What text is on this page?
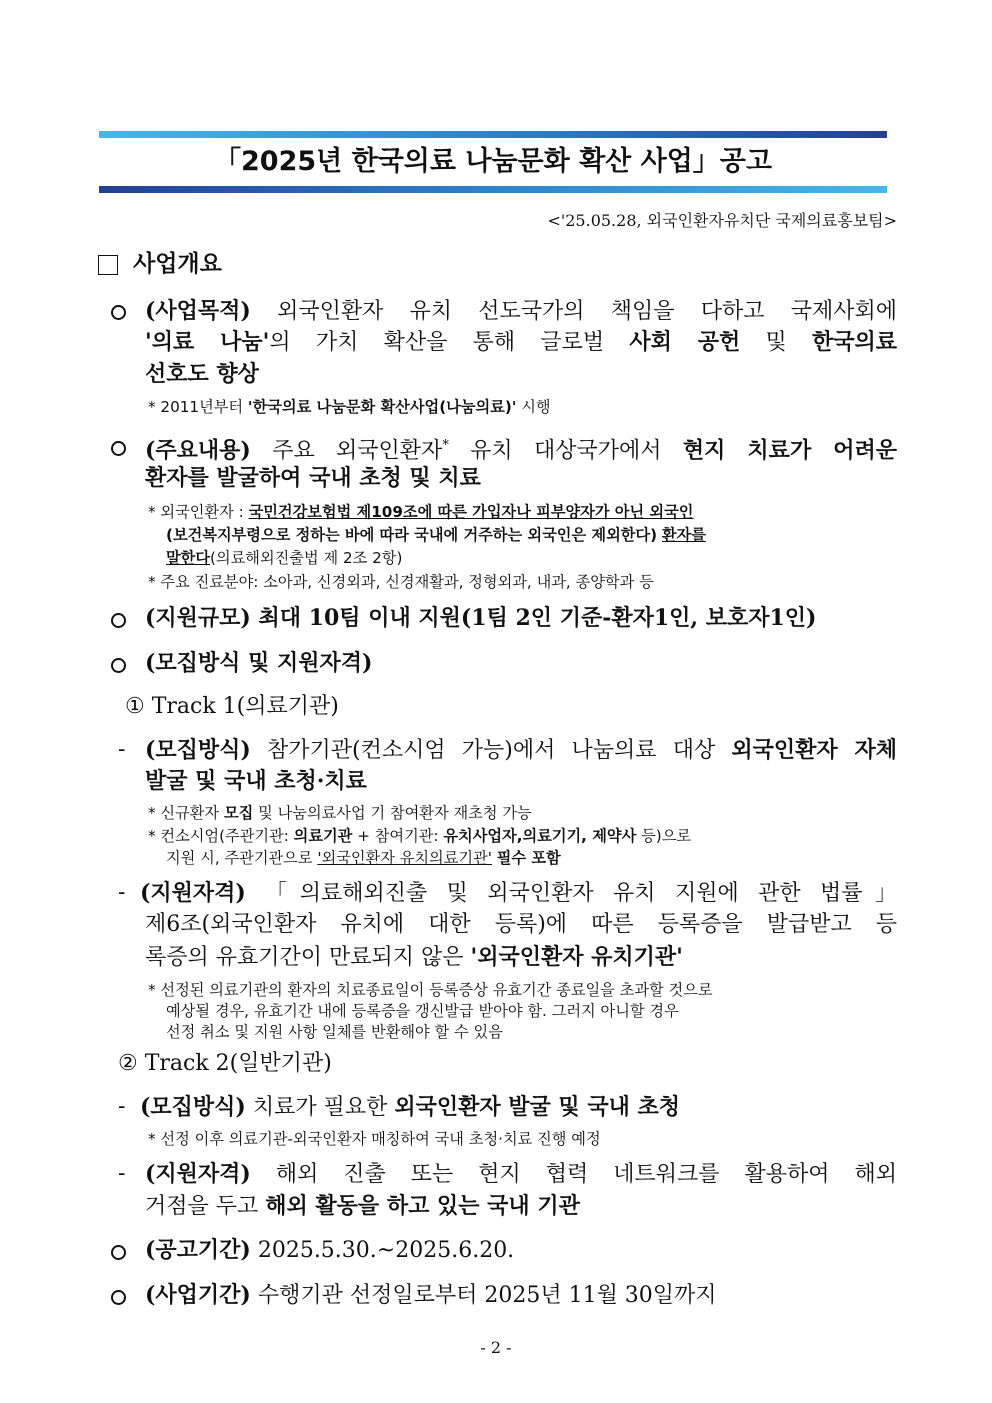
「2025년 한국의료 나눔문화 확산 사업」공고
<'25.05.28, 외국인환자유치단 국제의료홍보팀>
사업개요
(사업목적) 외국인환자 유치 선도국가의 책임을 다하고 국제사회에
'의료 나눔'의 가치 확산을 통해 글로벌 사회 공헌 및 한국의료
선호도 향상
* 2011년부터 '한국의료 나눔문화 확산사업(나눔의료)' 시행
(주요내용) 주요 외국인환자* 유치 대상국가에서 현지 치료가 어려운
환자를 발굴하여 국내 초청 및 치료
* 외국인환자 : 국민건강보험법 제109조에 따른 가입자나 피부양자가 아닌 외국인
(보건복지부령으로 정하는 바에 따라 국내에 거주하는 외국인은 제외한다) 환자를
말한다(의료해외진출법 제 2조 2항)
* 주요 진료분야: 소아과, 신경외과, 신경재활과, 정형외과, 내과, 종양학과 등
(지원규모) 최대 10팀 이내 지원(1팀 2인 기준-환자1인, 보호자1인)
(모집방식 및 지원자격)
① Track 1(의료기관)
- (모집방식) 참가기관(컨소시엄 가능)에서 나눔의료 대상 외국인환자 자체
발굴 및 국내 초청·치료
* 신규환자 모집 및 나눔의료사업 기 참여환자 재초청 가능
* 컨소시엄(주관기관: 의료기관 + 참여기관: 유치사업자,의료기기, 제약사 등)으로
지원 시, 주관기관으로 '외국인환자 유치의료기관' 필수 포함
- (지원자격) 「의료해외진출 및 외국인환자 유치 지원에 관한 법률」
제6조(외국인환자 유치에 대한 등록)에 따른 등록증을 발급받고 등
록증의 유효기간이 만료되지 않은 '외국인환자 유치기관'
* 선정된 의료기관의 환자의 치료종료일이 등록증상 유효기간 종료일을 초과할 것으로
예상될 경우, 유효기간 내에 등록증을 갱신발급 받아야 함. 그러지 아니할 경우
선정 취소 및 지원 사항 일체를 반환해야 할 수 있음
② Track 2(일반기관)
- (모집방식) 치료가 필요한 외국인환자 발굴 및 국내 초청
* 선정 이후 의료기관-외국인환자 매칭하여 국내 초청·치료 진행 예정
- (지원자격) 해외 진출 또는 현지 협력 네트워크를 활용하여 해외
거점을 두고 해외 활동을 하고 있는 국내 기관
(공고기간) 2025.5.30.~2025.6.20.
(사업기간) 수행기관 선정일로부터 2025년 11월 30일까지
- 2 -
